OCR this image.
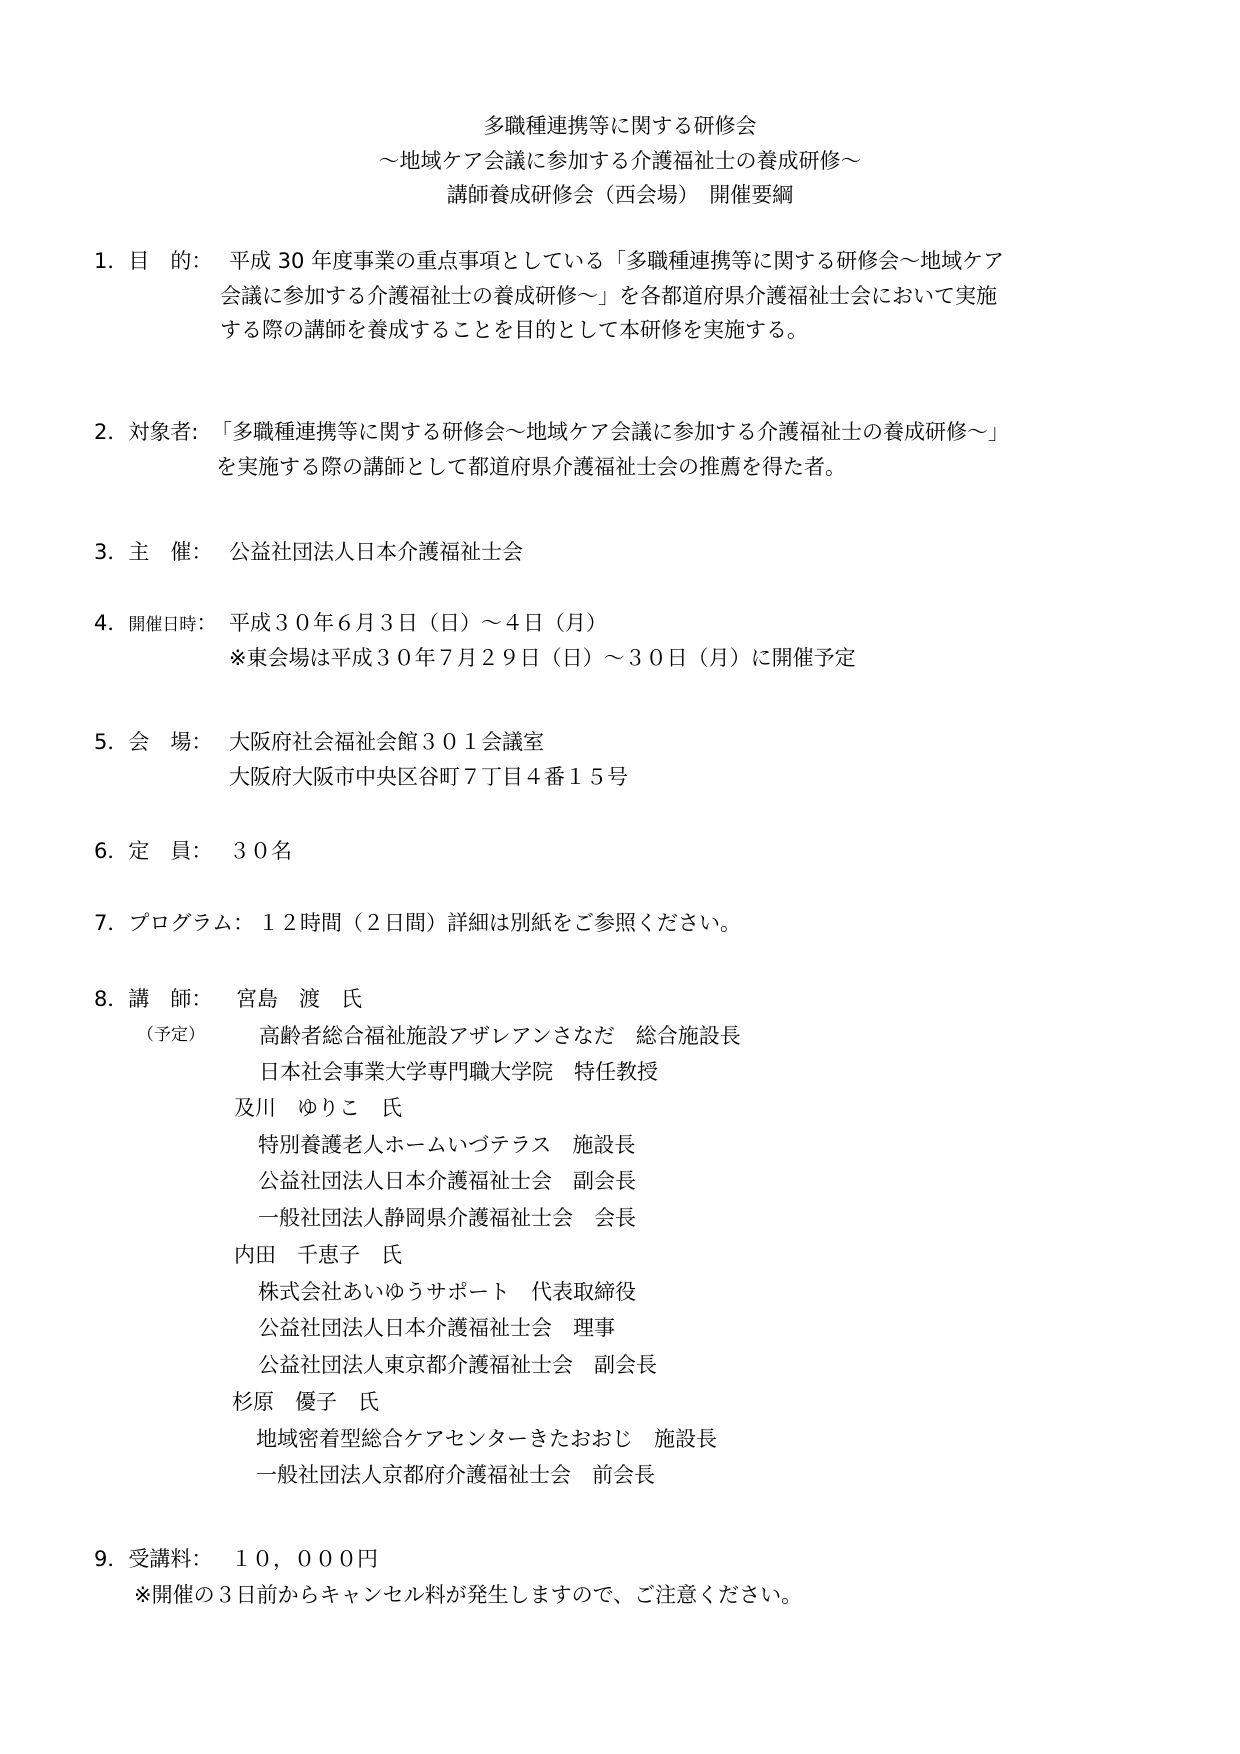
多職種連携等に関する研修会
〜地域ケア会議に参加する介護福祉士の養成研修〜
講師養成研修会（西会場）　開催要綱
1．目　的： 平成 30 年度事業の重点事項としている「多職種連携等に関する研修会〜地域ケア
会議に参加する介護福祉士の養成研修〜」を各都道府県介護福祉士会において実施
する際の講師を養成することを目的として本研修を実施する。
2．対象者: 「多職種連携等に関する研修会〜地域ケア会議に参加する介護福祉士の養成研修〜」
を実施する際の講師として都道府県介護福祉士会の推薦を得た者。
3．主　催： 公益社団法人日本介護福祉士会
4．開催日時： 平成３０年６月３日（日）〜４日（月）
※東会場は平成３０年７月２９日（日）〜３０日（月）に開催予定
5．会　場： 大阪府社会福祉会館３０１会議室
大阪府大阪市中央区谷町７丁目４番１５号
6．定　員： ３０名
7．プログラム： １２時間（２日間）詳細は別紙をご参照ください。
8．講　師：
（予定）
宮島　渡　氏
高齢者総合福祉施設アザレアンさなだ　総合施設長
日本社会事業大学専門職大学院　特任教授
及川　ゆりこ　氏
特別養護老人ホームいづテラス　施設長
公益社団法人日本介護福祉士会　副会長
一般社団法人静岡県介護福祉士会　会長
内田　千恵子　氏
株式会社あいゆうサポート　代表取締役
公益社団法人日本介護福祉士会　理事
公益社団法人東京都介護福祉士会　副会長
杉原　優子　氏
地域密着型総合ケアセンターきたおおじ　施設長
一般社団法人京都府介護福祉士会　前会長
9．受講料： １０，０００円
※開催の３日前からキャンセル料が発生しますので、ご注意ください。
